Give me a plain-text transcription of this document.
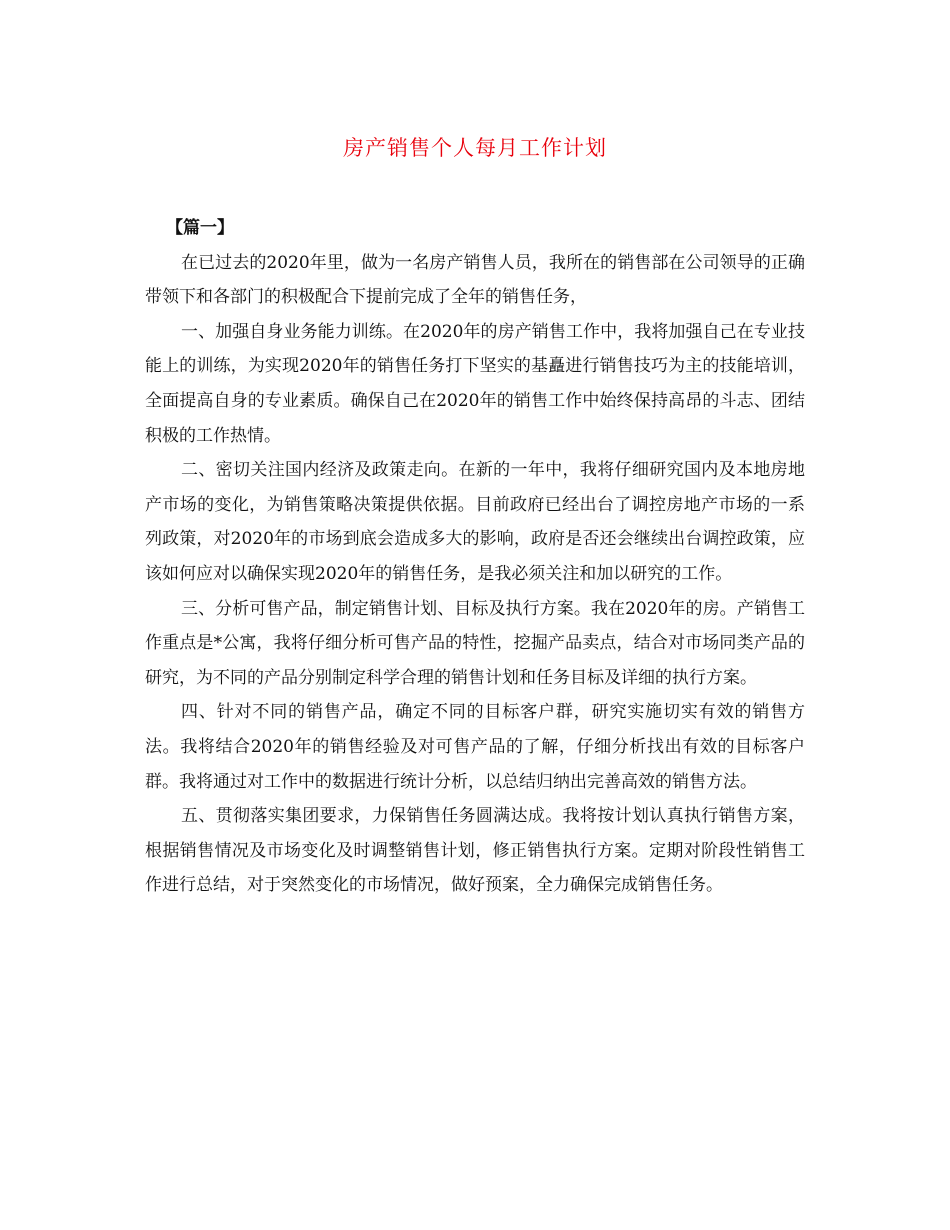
房产销售个人每月工作计划

【篇一】

在已过去的2020年里，做为一名房产销售人员，我所在的销售部在公司领导的正确带领下和各部门的积极配合下提前完成了全年的销售任务，

一、加强自身业务能力训练。在2020年的房产销售工作中，我将加强自己在专业技能上的训练，为实现2020年的销售任务打下坚实的基矗进行销售技巧为主的技能培训，全面提高自身的专业素质。确保自己在2020年的销售工作中始终保持高昂的斗志、团结积极的工作热情。

二、密切关注国内经济及政策走向。在新的一年中，我将仔细研究国内及本地房地产市场的变化，为销售策略决策提供依据。目前政府已经出台了调控房地产市场的一系列政策，对2020年的市场到底会造成多大的影响，政府是否还会继续出台调控政策，应该如何应对以确保实现2020年的销售任务，是我必须关注和加以研究的工作。

三、分析可售产品，制定销售计划、目标及执行方案。我在2020年的房。产销售工作重点是*公寓，我将仔细分析可售产品的特性，挖掘产品卖点，结合对市场同类产品的研究，为不同的产品分别制定科学合理的销售计划和任务目标及详细的执行方案。

四、针对不同的销售产品，确定不同的目标客户群，研究实施切实有效的销售方法。我将结合2020年的销售经验及对可售产品的了解，仔细分析找出有效的目标客户群。我将通过对工作中的数据进行统计分析，以总结归纳出完善高效的销售方法。

五、贯彻落实集团要求，力保销售任务圆满达成。我将按计划认真执行销售方案，根据销售情况及市场变化及时调整销售计划，修正销售执行方案。定期对阶段性销售工作进行总结，对于突然变化的市场情况，做好预案，全力确保完成销售任务。
